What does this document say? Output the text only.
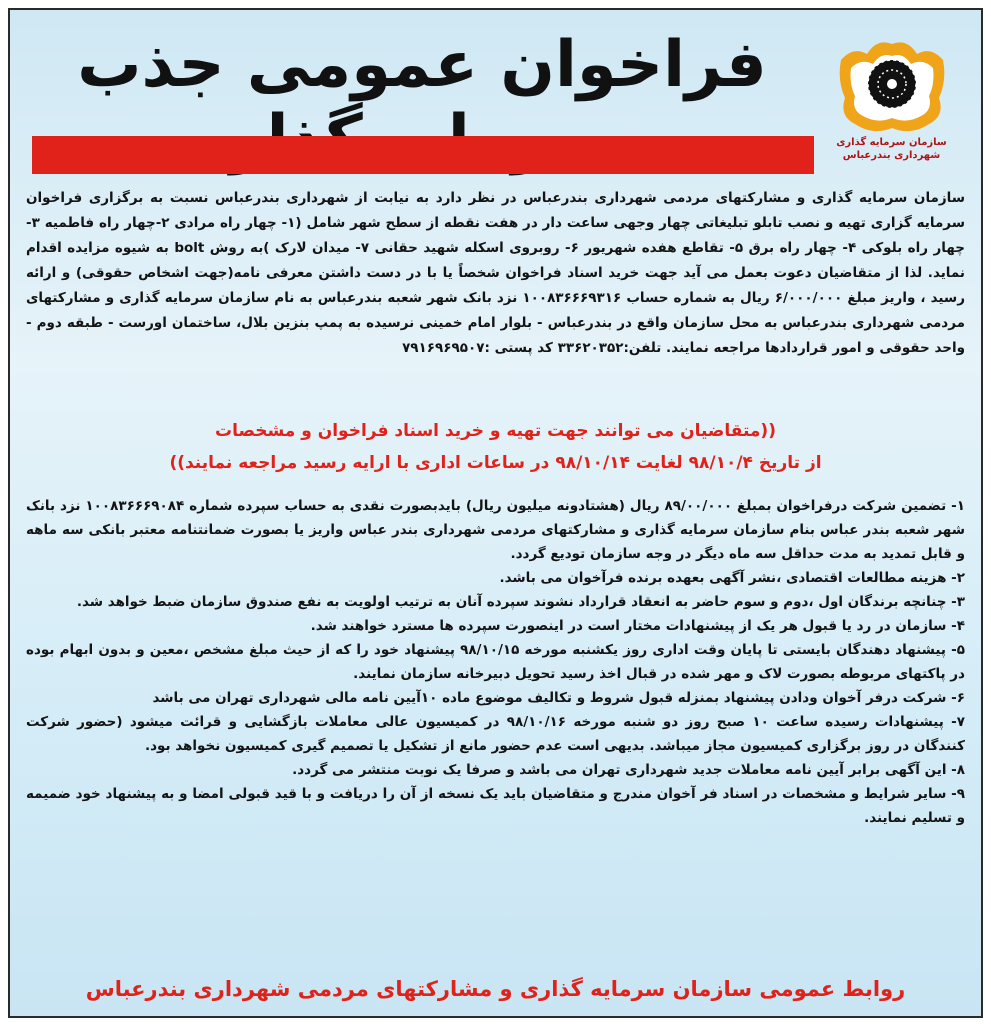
فراخوان عمومی جذب
سازمان سرمایه گذاری
شهرداری بندرعباس

سازمان سرمایه گذاری و مشارکتهای مردمی شهرداری بندرعباس در نظر دارد به نیابت از شهرداری بندرعباس نسبت به برگزاری فراخوان سرمایه گزاری تهیه و نصب تابلو تبلیغاتی چهار وجهی ساعت دار در هفت نقطه از سطح شهر شامل (۱- چهار راه مرادی ۲-چهار راه فاطمیه ۳-چهار راه بلوکی ۴- چهار راه برق ۵- تقاطع هفده شهریور ۶- روبروی اسکله شهید حقانی ۷- میدان لارک )به روش bolt به شیوه مزایده اقدام نماید. لذا از متقاضیان دعوت بعمل می آید جهت خرید اسناد فراخوان شخصاً یا با در دست داشتن معرفی نامه(جهت اشخاص حقوقی) و ارائه رسید ، واریز مبلغ ۶/۰۰۰/۰۰۰ ریال به شماره حساب ۱۰۰۸۳۶۶۶۹۳۱۶ نزد بانک شهر شعبه بندرعباس به نام سازمان سرمایه گذاری و مشارکتهای مردمی شهرداری بندرعباس به محل سازمان واقع در بندرعباس - بلوار امام خمینی نرسیده به پمپ بنزین بلال، ساختمان اورست - طبقه دوم - واحد حقوقی و امور قراردادها مراجعه نمایند. تلفن:۳۳۶۲۰۳۵۲ کد پستی :۷۹۱۶۹۶۹۵۰۷

((متقاضیان می توانند جهت تهیه و خرید اسناد فراخوان و مشخصات
از تاریخ ۹۸/۱۰/۴ لغایت ۹۸/۱۰/۱۴ در ساعات اداری با ارایه رسید مراجعه نمایند))

۱- تضمین شرکت درفراخوان بمبلغ ۸۹/۰۰/۰۰۰ ریال (هشتادونه میلیون ریال) بایدبصورت نقدی به حساب سپرده شماره ۱۰۰۸۳۶۶۶۹۰۸۴ نزد بانک شهر شعبه بندر عباس بنام سازمان سرمایه گذاری و مشارکتهای مردمی شهرداری بندر عباس واریز یا بصورت ضمانتنامه معتبر بانکی سه ماهه و قابل تمدید به مدت حداقل سه ماه دیگر در وجه سازمان تودیع گردد.

۲- هزینه مطالعات اقتصادی ،نشر آگهی بعهده برنده فرآخوان می باشد.

۳- چنانچه برندگان اول ،دوم و سوم حاضر به انعقاد قرارداد نشوند سپرده آنان به ترتیب اولویت به نفع صندوق سازمان ضبط خواهد شد.

۴- سازمان در رد یا قبول هر یک از پیشنهادات مختار است در اینصورت سپرده ها مسترد خواهند شد.

۵- پیشنهاد دهندگان بایستی تا پایان وقت اداری روز یکشنبه مورخه ۹۸/۱۰/۱۵ پیشنهاد خود را که از حیث مبلغ مشخص ،معین و بدون ابهام بوده در پاکتهای مربوطه بصورت لاک و مهر شده در قبال اخذ رسید تحویل دبیرخانه سازمان نمایند.

۶- شرکت درفر آخوان ودادن پیشنهاد بمنزله قبول شروط و تکالیف موضوع ماده ۱۰آیین نامه مالی شهرداری تهران می باشد

۷- پیشنهادات رسیده ساعت ۱۰ صبح روز دو شنبه مورخه ۹۸/۱۰/۱۶ در کمیسیون عالی معاملات بازگشایی و قرائت میشود (حضور شرکت کنندگان در روز برگزاری کمیسیون مجاز میباشد. بدیهی است عدم حضور مانع از تشکیل یا تصمیم گیری کمیسیون نخواهد بود.

۸- این آگهی برابر آیین نامه معاملات جدید شهرداری تهران می باشد و صرفا یک نوبت منتشر می گردد.

۹- سایر شرایط و مشخصات در اسناد فر آخوان مندرج و متقاضیان باید یک نسخه از آن را دریافت و با قید قبولی امضا و به پیشنهاد خود ضمیمه و تسلیم نمایند.

روابط عمومی سازمان سرمایه گذاری و مشارکتهای مردمی شهرداری بندرعباس
